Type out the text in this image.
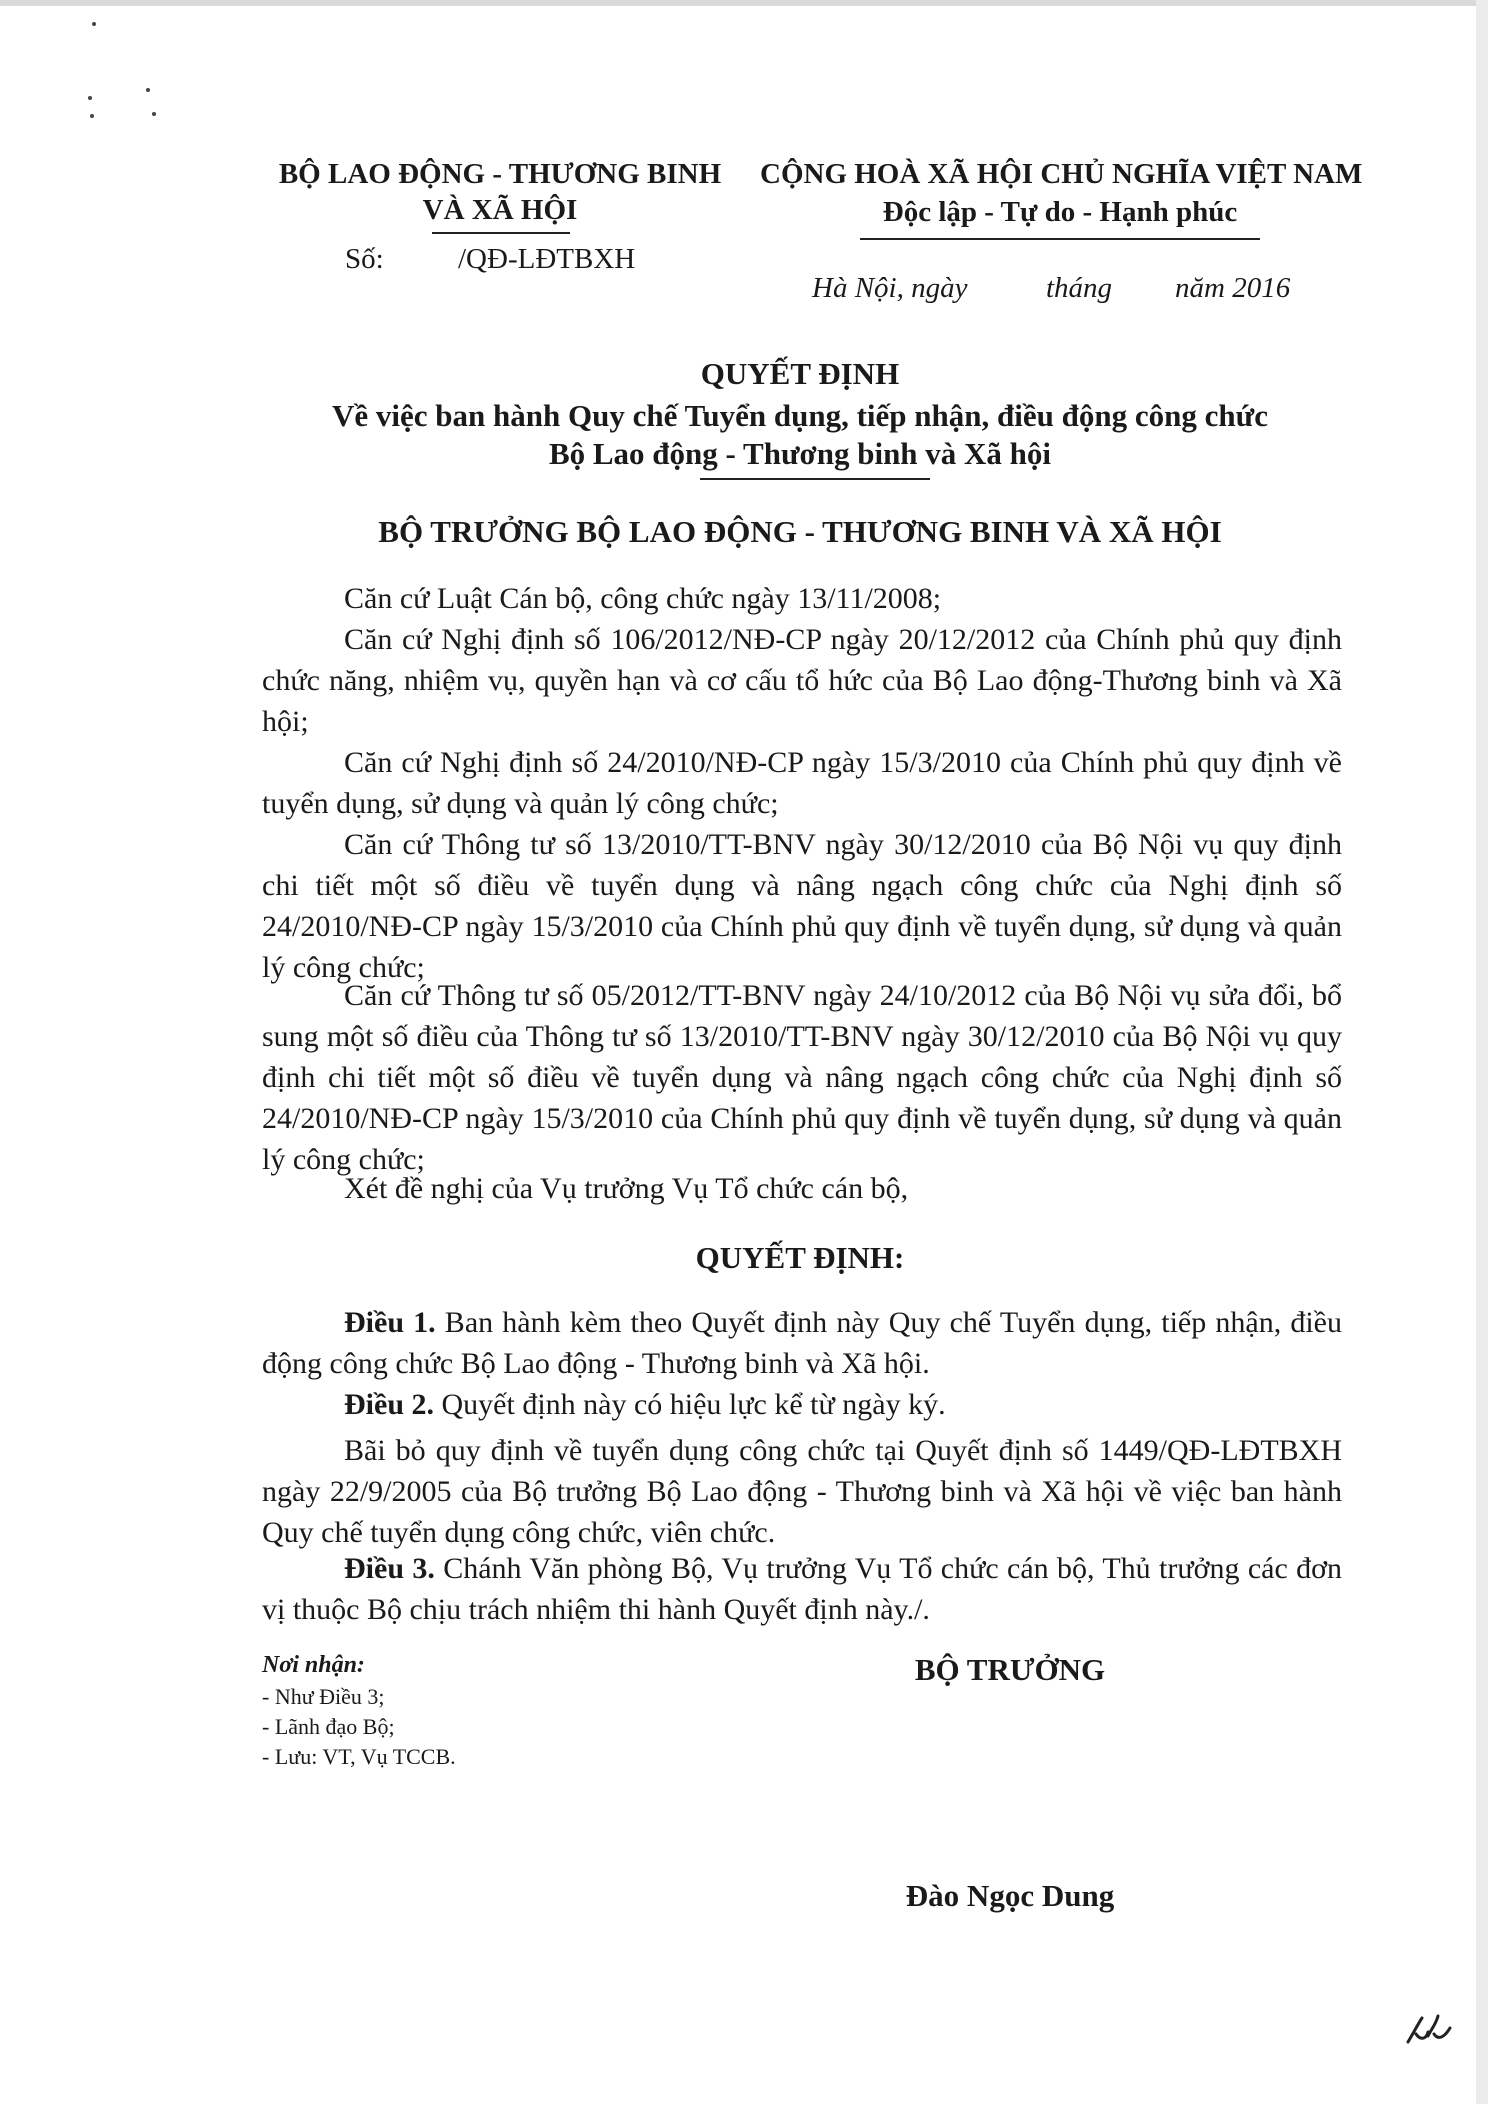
BỘ LAO ĐỘNG - THƯƠNG BINH
VÀ XÃ HỘI
Số:	/QĐ-LĐTBXH
CỘNG HOÀ XÃ HỘI CHỦ NGHĨA VIỆT NAM
Độc lập - Tự do - Hạnh phúc
Hà Nội, ngày	tháng năm 2016
QUYẾT ĐỊNH
Về việc ban hành Quy chế Tuyển dụng, tiếp nhận, điều động công chức
Bộ Lao động - Thương binh và Xã hội
BỘ TRƯỞNG BỘ LAO ĐỘNG - THƯƠNG BINH VÀ XÃ HỘI
Căn cứ Luật Cán bộ, công chức ngày 13/11/2008;
Căn cứ Nghị định số 106/2012/NĐ-CP ngày 20/12/2012 của Chính phủ quy định chức năng, nhiệm vụ, quyền hạn và cơ cấu tổ hức của Bộ Lao động-Thương binh và Xã hội;
Căn cứ Nghị định số 24/2010/NĐ-CP ngày 15/3/2010 của Chính phủ quy định về tuyển dụng, sử dụng và quản lý công chức;
Căn cứ Thông tư số 13/2010/TT-BNV ngày 30/12/2010 của Bộ Nội vụ quy định chi tiết một số điều về tuyển dụng và nâng ngạch công chức của Nghị định số 24/2010/NĐ-CP ngày 15/3/2010 của Chính phủ quy định về tuyển dụng, sử dụng và quản lý công chức;
Căn cứ Thông tư số 05/2012/TT-BNV ngày 24/10/2012 của Bộ Nội vụ sửa đổi, bổ sung một số điều của Thông tư số 13/2010/TT-BNV ngày 30/12/2010 của Bộ Nội vụ quy định chi tiết một số điều về tuyển dụng và nâng ngạch công chức của Nghị định số 24/2010/NĐ-CP ngày 15/3/2010 của Chính phủ quy định về tuyển dụng, sử dụng và quản lý công chức;
Xét đề nghị của Vụ trưởng Vụ Tổ chức cán bộ,
QUYẾT ĐỊNH:
Điều 1. Ban hành kèm theo Quyết định này Quy chế Tuyển dụng, tiếp nhận, điều động công chức Bộ Lao động - Thương binh và Xã hội.
Điều 2. Quyết định này có hiệu lực kể từ ngày ký.
Bãi bỏ quy định về tuyển dụng công chức tại Quyết định số 1449/QĐ-LĐTBXH ngày 22/9/2005 của Bộ trưởng Bộ Lao động - Thương binh và Xã hội về việc ban hành Quy chế tuyển dụng công chức, viên chức.
Điều 3. Chánh Văn phòng Bộ, Vụ trưởng Vụ Tổ chức cán bộ, Thủ trưởng các đơn vị thuộc Bộ chịu trách nhiệm thi hành Quyết định này./.
Nơi nhận:
- Như Điều 3;
- Lãnh đạo Bộ;
- Lưu: VT, Vụ TCCB.
BỘ TRƯỞNG
Đào Ngọc Dung
